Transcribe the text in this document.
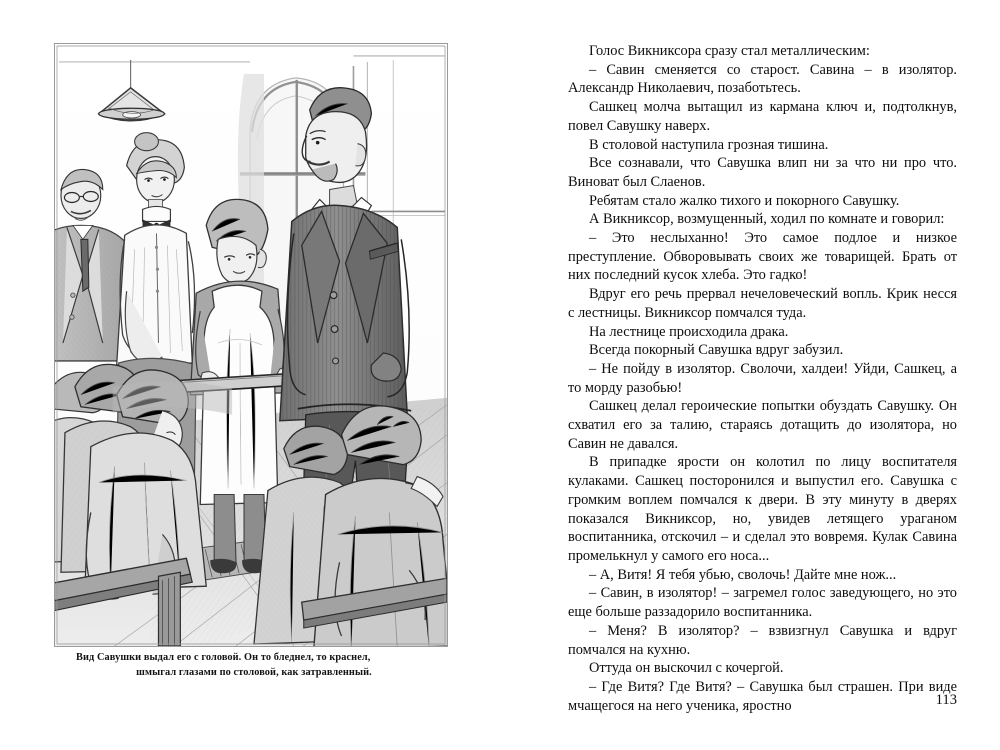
Вид Савушки выдал его с головой. Он то бледнел, то краснел,
шмыгал глазами по столовой, как затравленный.

Голос Викниксора сразу стал металлическим:

– Савин сменяется со старост. Савина – в изолятор. Александр Николаевич, позаботьтесь.

Сашкец молча вытащил из кармана ключ и, подтолкнув, повел Савушку наверх.

В столовой наступила грозная тишина.

Все сознавали, что Савушка влип ни за что ни про что. Виноват был Слаенов.

Ребятам стало жалко тихого и покорного Савушку.

А Викниксор, возмущенный, ходил по комнате и говорил:

– Это неслыханно! Это самое подлое и низкое преступление. Обворовывать своих же товарищей. Брать от них последний кусок хлеба. Это гадко!

Вдруг его речь прервал нечеловеческий вопль. Крик несся с лестницы. Викниксор помчался туда.

На лестнице происходила драка.

Всегда покорный Савушка вдруг забузил.

– Не пойду в изолятор. Сволочи, халдеи! Уйди, Сашкец, а то морду разобью!

Сашкец делал героические попытки обуздать Савушку. Он схватил его за талию, стараясь дотащить до изолятора, но Савин не давался.

В припадке ярости он колотил по лицу воспитателя кулаками. Сашкец посторонился и выпустил его. Савушка с громким воплем помчался к двери. В эту минуту в дверях показался Викниксор, но, увидев летящего ураганом воспитанника, отскочил – и сделал это вовремя. Кулак Савина промелькнул у самого его носа...

– А, Витя! Я тебя убью, сволочь! Дайте мне нож...

– Савин, в изолятор! – загремел голос заведующего, но это еще больше раззадорило воспитанника.

– Меня? В изолятор? – взвизгнул Савушка и вдруг помчался на кухню.

Оттуда он выскочил с кочергой.

– Где Витя? Где Витя? – Савушка был страшен. При виде мчащегося на него ученика, яростно	113
